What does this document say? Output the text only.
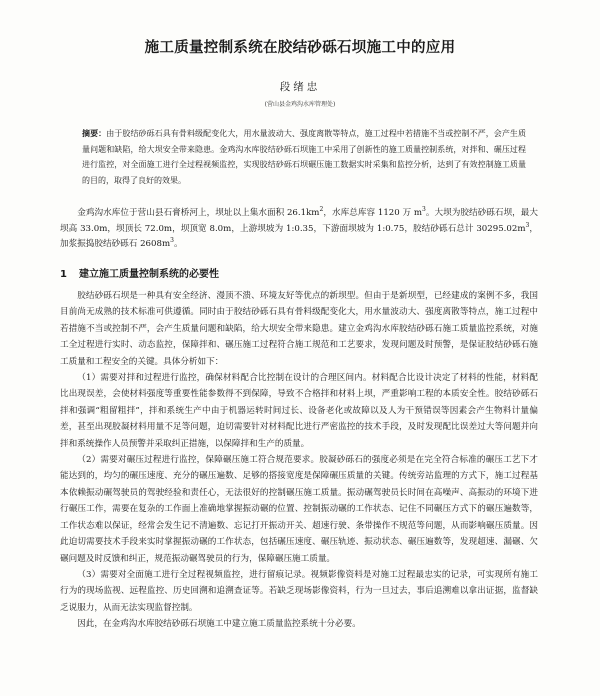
施工质量控制系统在胶结砂砾石坝施工中的应用
段绪忠
(营山县金鸡沟水库管理处)
摘要：由于胶结砂砾石具有骨料级配变化大，用水量波动大、强度离散等特点，施工过程中若措施不当或控制不严，会产生质量问题和缺陷，给大坝安全带来隐患。金鸡沟水库胶结砂砾石坝施工中采用了创新性的施工质量控制系统，对拌和、碾压过程进行监控，对全面施工进行全过程视频监控，实现胶结砂砾石坝碾压施工数据实时采集和监控分析，达到了有效控制施工质量的目的，取得了良好的效果。
金鸡沟水库位于营山县石膏桥河上，坝址以上集水面积 $26.1km^2$，水库总库容 1120 万 $m^3$。大坝为胶结砂砾石坝，最大坝高 33.0m，坝顶长 72.0m，坝顶宽 8.0m，上游坝坡为 1:0.35，下游面坝坡为 1:0.75，胶结砂砾石总计 $30295.02m^3$，加浆振捣胶结砂砾石 $2608m^3$。
1 建立施工质量控制系统的必要性

胶结砂砾石坝是一种具有安全经济、漫顶不溃、环境友好等优点的新坝型。但由于是新坝型，已经建成的案例不多，我国目前尚无成熟的技术标准可供遵循。同时由于胶结砂砾石具有骨料级配变化大，用水量波动大、强度离散等特点，施工过程中若措施不当或控制不严，会产生质量问题和缺陷，给大坝安全带来隐患。建立金鸡沟水库胶结砂砾石施工质量监控系统，对施工全过程进行实时、动态监控，保障拌和、碾压施工过程符合施工规范和工艺要求，发现问题及时预警，是保证胶结砂砾石施工质量和工程安全的关键。具体分析如下：

（1）需要对拌和过程进行监控，确保材料配合比控制在设计的合理区间内。材料配合比设计决定了材料的性能，材料配比出现误差，会使材料强度等重要性能参数得不到保障，导致不合格拌和材料上坝，严重影响工程的本质安全性。胶结砂砾石拌和强调“粗留粗拌”，拌和系统生产中由于机器运转时间过长、设备老化或故障以及人为干预错误等因素会产生物料计量偏差，甚至出现胶凝材料用量不足等问题，迫切需要针对材料配比进行严密监控的技术手段，及时发现配比误差过大等问题并向拌和系统操作人员预警并采取纠正措施，以保障拌和生产的质量。

（2）需要对碾压过程进行监控，保障碾压施工符合规范要求。胶凝砂砾石的强度必须是在完全符合标准的碾压工艺下才能达到的，均匀的碾压速度、充分的碾压遍数、足够的搭接宽度是保障碾压质量的关键。传统旁站监理的方式下，施工过程基本依赖振动碾驾驶员的驾驶经验和责任心，无法很好的控制碾压施工质量。振动碾驾驶员长时间在高噪声、高振动的环境下进行碾压工作，需要在复杂的工作面上准确地掌握振动碾的位置、控制振动碾的工作状态、记住不同碾压方式下的碾压遍数等，工作状态难以保证，经常会发生记不清遍数、忘记打开振动开关、超速行驶、条带操作不规范等问题，从而影响碾压质量。因此迫切需要技术手段来实时掌握振动碾的工作状态，包括碾压速度、碾压轨迹、振动状态、碾压遍数等，发现超速、漏碾、欠碾问题及时反馈和纠正，规范振动碾驾驶员的行为，保障碾压施工质量。

（3）需要对全面施工进行全过程视频监控，进行留痕记录。视频影像资料是对施工过程最忠实的记录，可实现所有施工行为的现场监视、远程监控、历史回溯和追溯查证等。若缺乏现场影像资料，行为一旦过去，事后追溯难以拿出证据，监督缺乏说服力，从而无法实现监督控制。

因此，在金鸡沟水库胶结砂砾石坝施工中建立施工质量监控系统十分必要。
